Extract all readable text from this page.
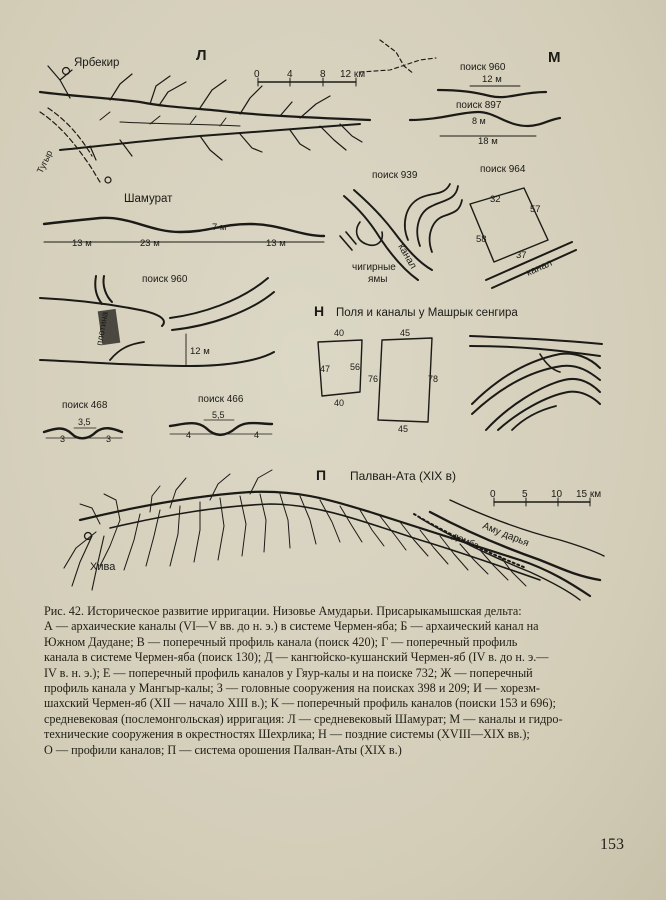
Л
0	4	8 12 км
Тугыр
Ярбекир
Шамурат
13 м	23 м
7 м
13 м
М
поиск 960
12 м
поиск 897
8 м
18 м
поиск 939
канал
чигирные
ямы
поиск 964
32
57
58
37
канал
поиск 960
плотина
12 м
поиск 468
3,5
3	3
поиск 466
5,5
4	4
Н Поля и каналы у Машрык сенгира
40
47 56
40
45
76	78
45
П Палван-Ата (XIX в)
0	5 10 15 км
Аму дарья
дамба
Хива
Рис. 42. Историческое развитие ирригации. Низовье Амударьи. Присарыкамышская дельта:
А — архаические каналы (VI—V вв. до н. э.) в системе Чермен-яба; Б — архаический канал на
Южном Даудане; В — поперечный профиль канала (поиск 420); Г — поперечный профиль
канала в системе Чермен-яба (поиск 130); Д — кангюйско-кушанский Чермен-яб (IV в. до н. э.—
IV в. н. э.); Е — поперечный профиль каналов у Гяур-калы и на поиске 732; Ж — поперечный
профиль канала у Мангыр-калы; З — головные сооружения на поисках 398 и 209; И — хорезм-
шахский Чермен-яб (XII — начало XIII в.); К — поперечный профиль каналов (поиски 153 и 696);
средневековая (послемонгольская) ирригация: Л — средневековый Шамурат; М — каналы и гидро-
технические сооружения в окрестностях Шехрлика; Н — поздние системы (XVIII—XIX вв.);
О — профили каналов; П — система орошения Палван-Аты (XIX в.)
153
